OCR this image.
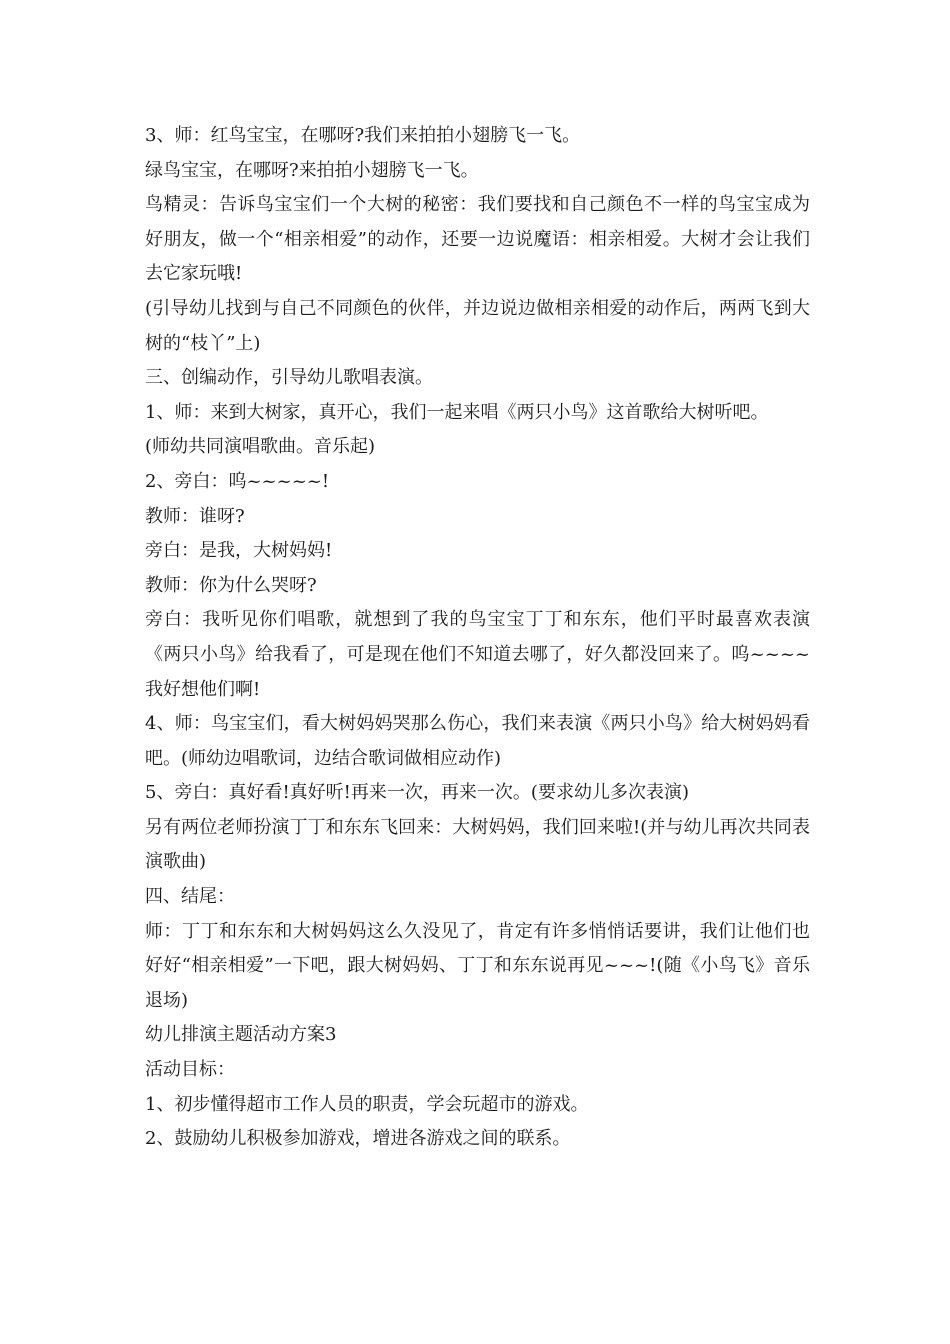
3、师：红鸟宝宝，在哪呀?我们来拍拍小翅膀飞一飞。

绿鸟宝宝，在哪呀?来拍拍小翅膀飞一飞。

鸟精灵：告诉鸟宝宝们一个大树的秘密：我们要找和自己颜色不一样的鸟宝宝成为好朋友，做一个“相亲相爱”的动作，还要一边说魔语：相亲相爱。大树才会让我们去它家玩哦!

(引导幼儿找到与自己不同颜色的伙伴，并边说边做相亲相爱的动作后，两两飞到大树的“枝丫”上)

三、创编动作，引导幼儿歌唱表演。

1、师：来到大树家，真开心，我们一起来唱《两只小鸟》这首歌给大树听吧。

(师幼共同演唱歌曲。音乐起)

2、旁白：呜~~~~~!

教师：谁呀?

旁白：是我，大树妈妈!

教师：你为什么哭呀?

旁白：我听见你们唱歌，就想到了我的鸟宝宝丁丁和东东，他们平时最喜欢表演《两只小鸟》给我看了，可是现在他们不知道去哪了，好久都没回来了。呜~~~~我好想他们啊!

4、师：鸟宝宝们，看大树妈妈哭那么伤心，我们来表演《两只小鸟》给大树妈妈看吧。(师幼边唱歌词，边结合歌词做相应动作)

5、旁白：真好看!真好听!再来一次，再来一次。(要求幼儿多次表演)

另有两位老师扮演丁丁和东东飞回来：大树妈妈，我们回来啦!(并与幼儿再次共同表演歌曲)

四、结尾：

师：丁丁和东东和大树妈妈这么久没见了，肯定有许多悄悄话要讲，我们让他们也好好“相亲相爱”一下吧，跟大树妈妈、丁丁和东东说再见~~~!(随《小鸟飞》音乐退场)

幼儿排演主题活动方案3

活动目标：

1、初步懂得超市工作人员的职责，学会玩超市的游戏。

2、鼓励幼儿积极参加游戏，增进各游戏之间的联系。
